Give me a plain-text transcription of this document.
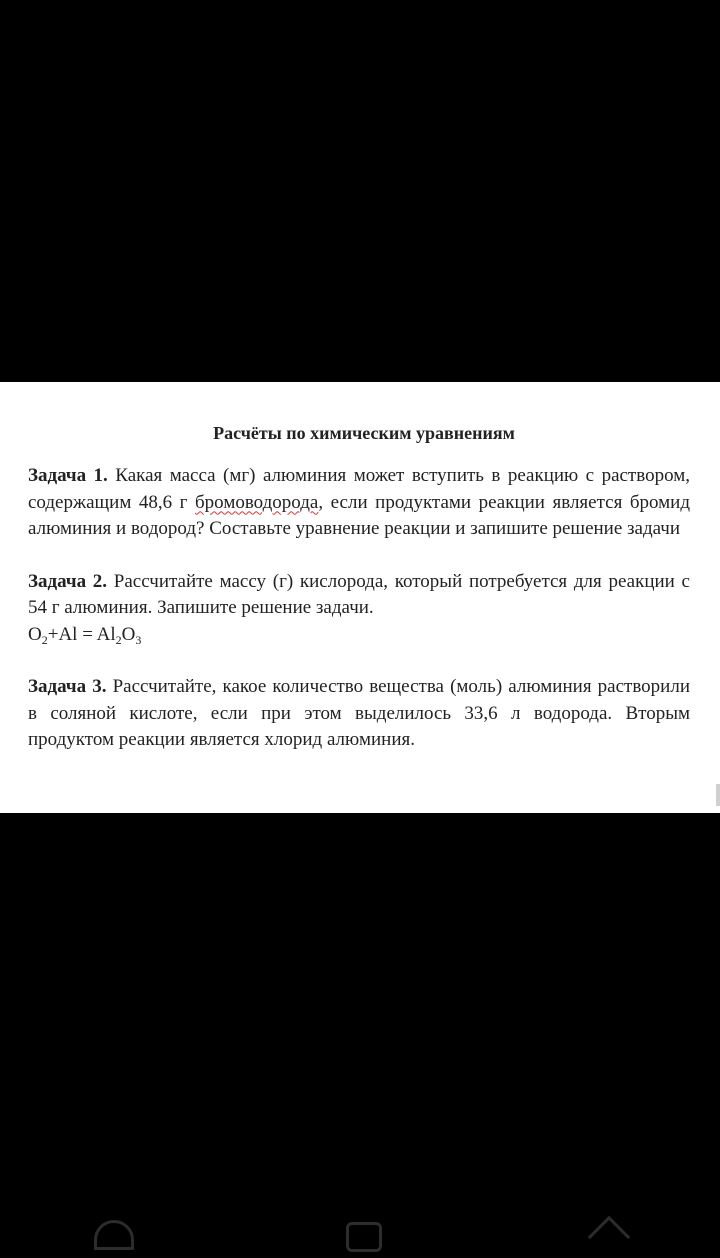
Расчёты по химическим уравнениям

Задача 1. Какая масса (мг) алюминия может вступить в реакцию с раствором, содержащим 48,6 г бромоводорода, если продуктами реакции является бромид алюминия и водород? Составьте уравнение реакции и запишите решение задачи

Задача 2. Рассчитайте массу (г) кислорода, который потребуется для реакции с 54 г алюминия. Запишите решение задачи.
$O_2+Al = Al_2O_3$

Задача 3. Рассчитайте, какое количество вещества (моль) алюминия растворили в соляной кислоте, если при этом выделилось 33,6 л водорода. Вторым продуктом реакции является хлорид алюминия.
